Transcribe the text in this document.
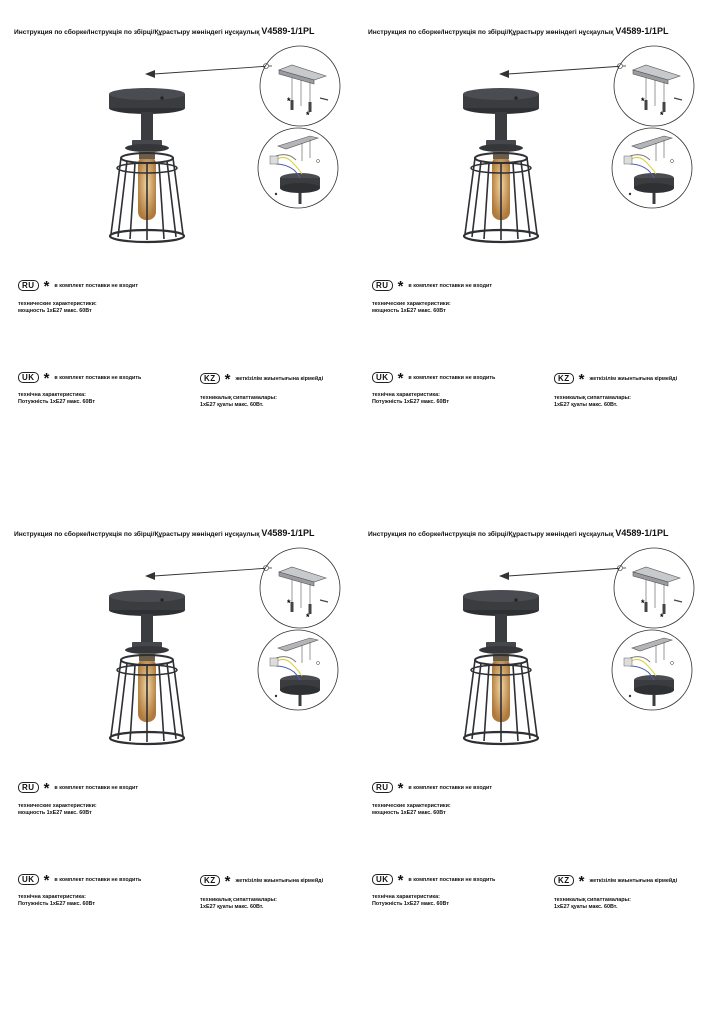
Инструкция по сборке/Інструкція по збірці/Құрастыру жөніндегі нұсқаулық V4589-1/1PL
*
*
RU * в комплект поставки не входит
технические характеристики:
мощность 1хЕ27 макс. 60Вт
UK * в комплект поставки не входить
технічна характеристика:
Потужність 1хЕ27 макс. 60Вт
KZ * жеткізілім жиынтығына кірмейді
техникалық сипаттамалары:
1хЕ27 қуаты макс. 60Вт.
Инструкция по сборке/Інструкція по збірці/Құрастыру жөніндегі нұсқаулық V4589-1/1PL
*
*
RU * в комплект поставки не входит
технические характеристики:
мощность 1хЕ27 макс. 60Вт
UK * в комплект поставки не входить
технічна характеристика:
Потужність 1хЕ27 макс. 60Вт
KZ * жеткізілім жиынтығына кірмейді
техникалық сипаттамалары:
1хЕ27 қуаты макс. 60Вт.
Инструкция по сборке/Інструкція по збірці/Құрастыру жөніндегі нұсқаулық V4589-1/1PL
*
*
RU * в комплект поставки не входит
технические характеристики:
мощность 1хЕ27 макс. 60Вт
UK * в комплект поставки не входить
технічна характеристика:
Потужність 1хЕ27 макс. 60Вт
KZ * жеткізілім жиынтығына кірмейді
техникалық сипаттамалары:
1хЕ27 қуаты макс. 60Вт.
Инструкция по сборке/Інструкція по збірці/Құрастыру жөніндегі нұсқаулық V4589-1/1PL
*
*
RU * в комплект поставки не входит
технические характеристики:
мощность 1хЕ27 макс. 60Вт
UK * в комплект поставки не входить
технічна характеристика:
Потужність 1хЕ27 макс. 60Вт
KZ * жеткізілім жиынтығына кірмейді
техникалық сипаттамалары:
1хЕ27 қуаты макс. 60Вт.
